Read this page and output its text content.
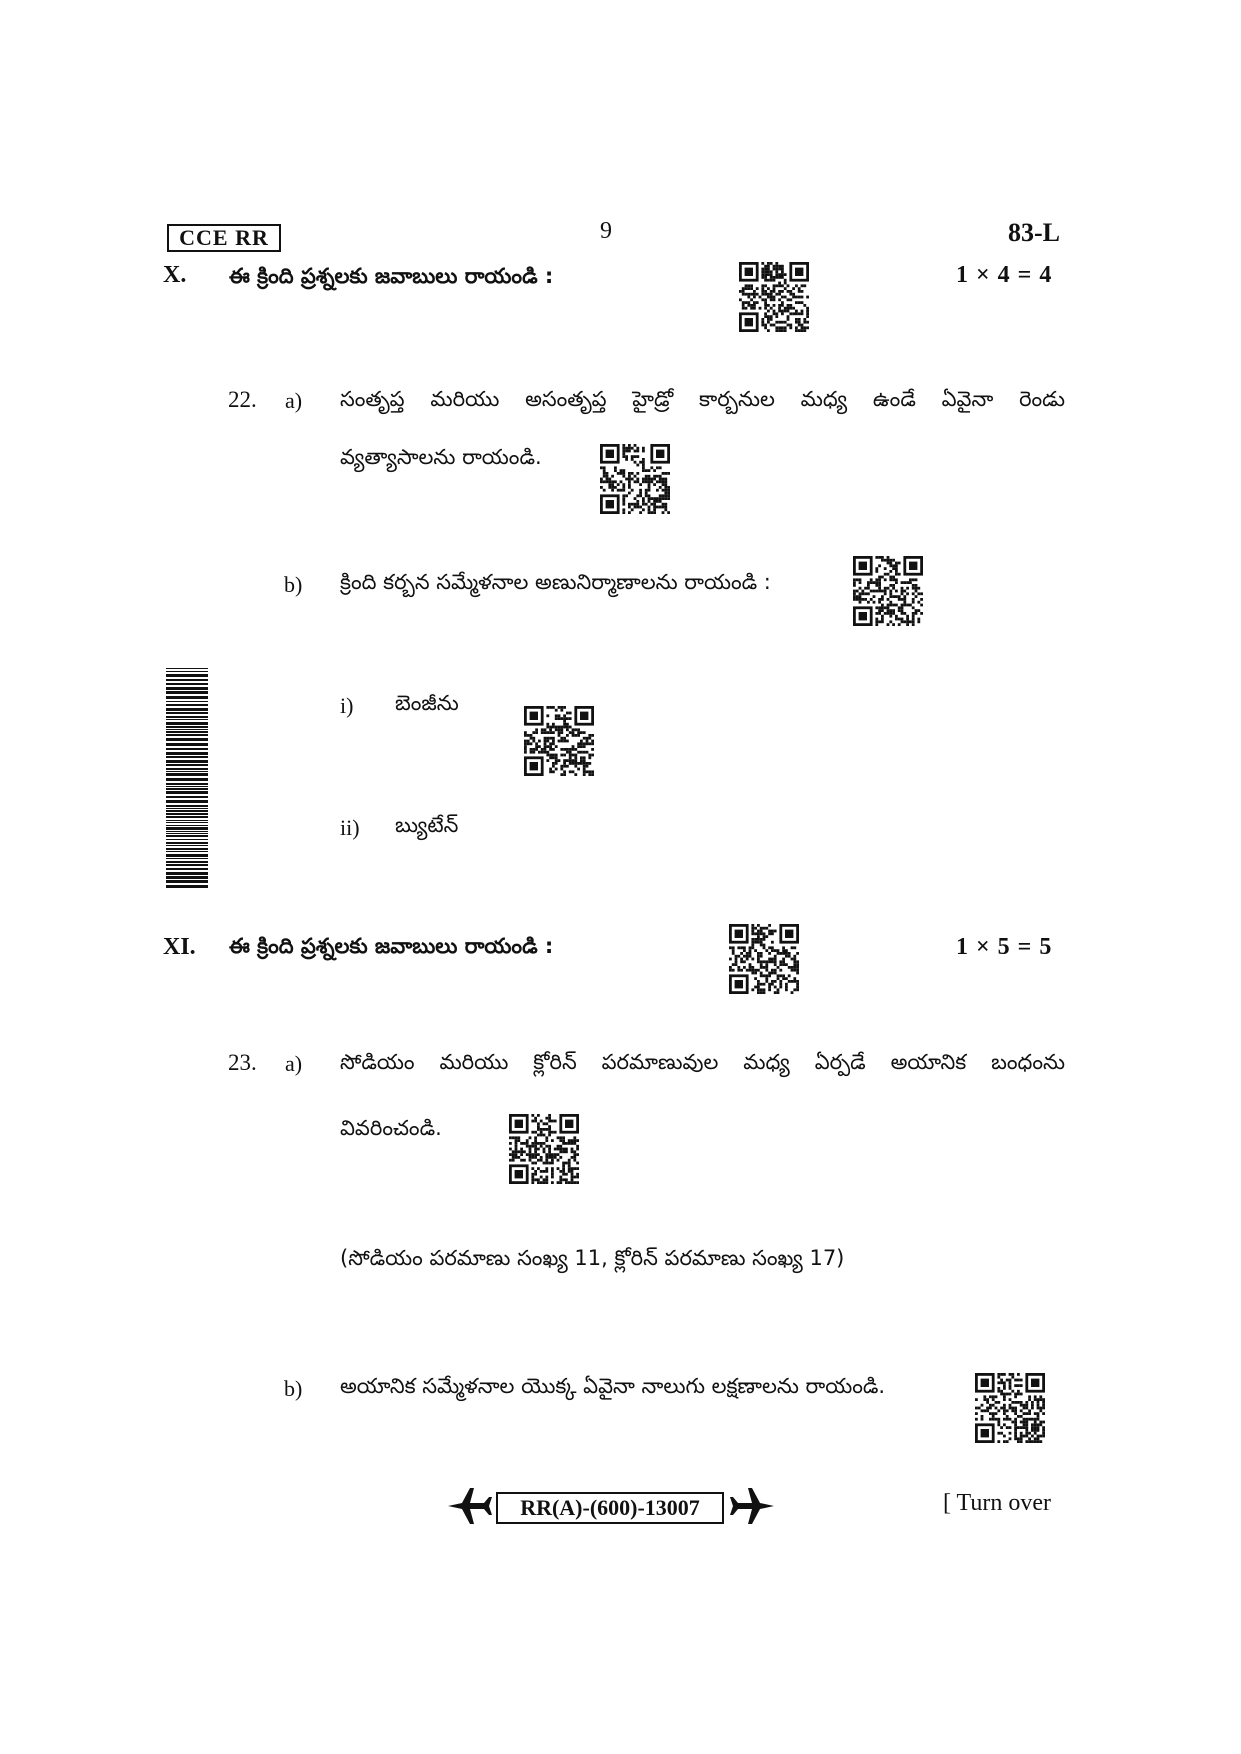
CCE RR	9	83-L
X. ఈ క్రింది ప్రశ్నలకు జవాబులు రాయండి :	1 × 4 = 4
22. a) సంతృప్త మరియు అసంతృప్త హైడ్రో కార్బనుల మధ్య ఉండే ఏవైనా రెండు
వ్యత్యాసాలను రాయండి.
b) క్రింది కర్బన సమ్మేళనాల అణునిర్మాణాలను రాయండి :
i) బెంజీను
ii) బ్యుటేన్
XI. ఈ క్రింది ప్రశ్నలకు జవాబులు రాయండి :	1 × 5 = 5
23. a) సోడియం మరియు క్లోరిన్ పరమాణువుల మధ్య ఏర్పడే అయానిక బంధంను
వివరించండి.
(సోడియం పరమాణు సంఖ్య 11, క్లోరిన్ పరమాణు సంఖ్య 17)
b) అయానిక సమ్మేళనాల యొక్క ఏవైనా నాలుగు లక్షణాలను రాయండి.
RR(A)-(600)-13007	[ Turn over
